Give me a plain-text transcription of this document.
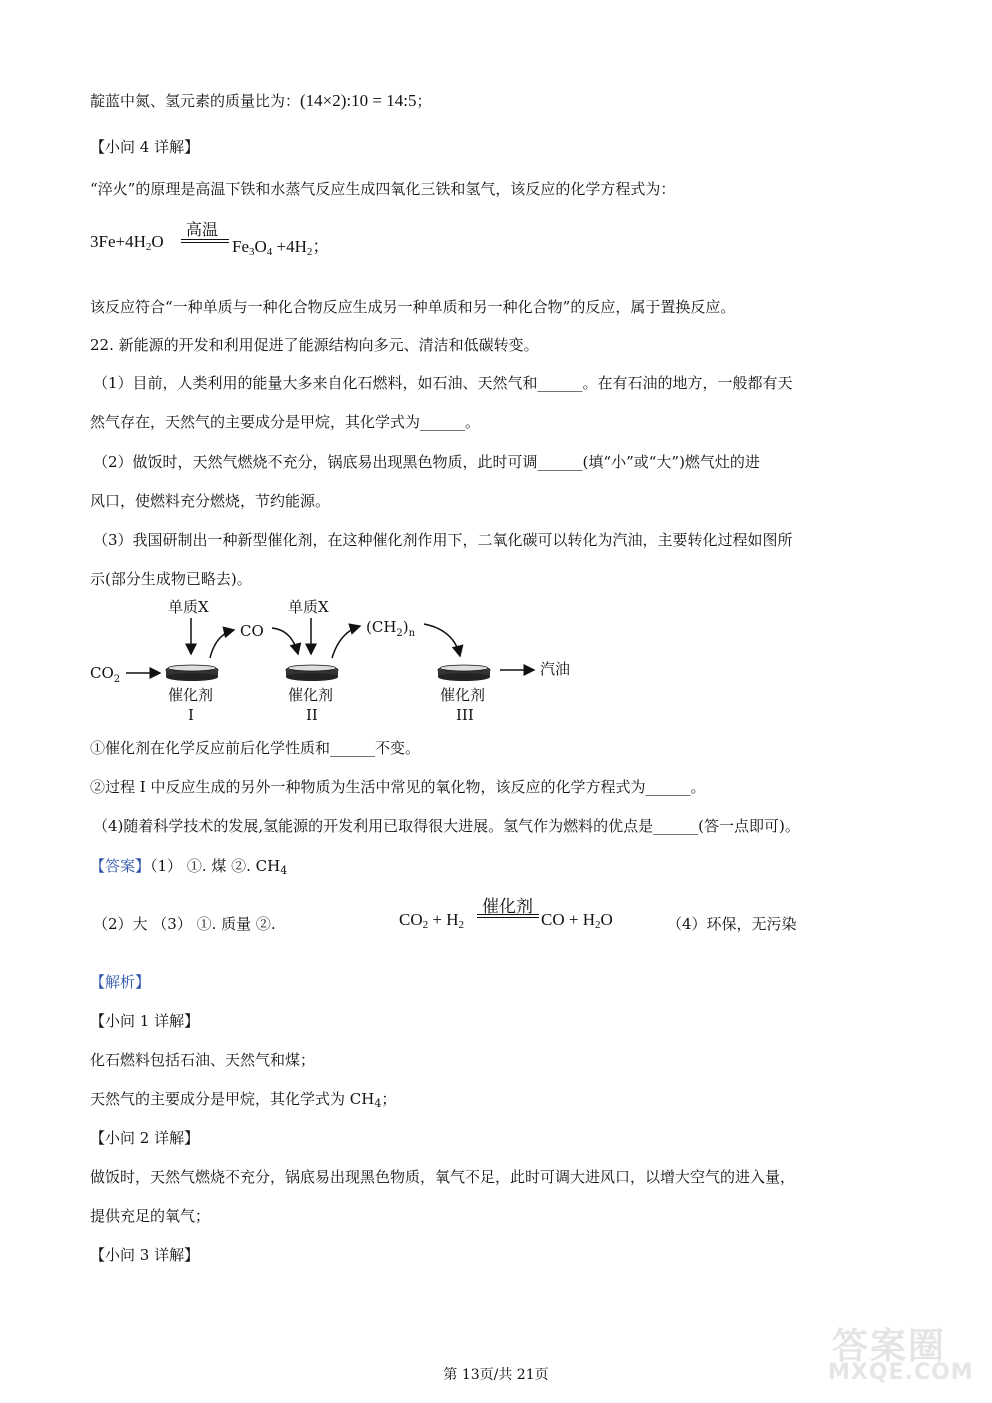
靛蓝中氮、氢元素的质量比为：(14×2):10 = 14:5；
【小问 4 详解】
“淬火”的原理是高温下铁和水蒸气反应生成四氧化三铁和氢气，该反应的化学方程式为：
高温
$3Fe+4H_2O$	$Fe_3O_4 +4H_2$；
该反应符合“一种单质与一种化合物反应生成另一种单质和另一种化合物”的反应，属于置换反应。
22. 新能源的开发和利用促进了能源结构向多元、清洁和低碳转变。
（1）目前，人类利用的能量大多来自化石燃料，如石油、天然气和______。在有石油的地方，一般都有天
然气存在，天然气的主要成分是甲烷，其化学式为______。
（2）做饭时，天然气燃烧不充分，锅底易出现黑色物质，此时可调______(填“小”或“大”)燃气灶的进
风口，使燃料充分燃烧，节约能源。
（3）我国研制出一种新型催化剂，在这种催化剂作用下，二氧化碳可以转化为汽油，主要转化过程如图所
示(部分生成物已略去)。
单质X	单质X
CO	$(CH_2)_n$
$CO_2$
汽油
催化剂	催化剂	催化剂
I	II	III
①催化剂在化学反应前后化学性质和______不变。
②过程 I 中反应生成的另外一种物质为生活中常见的氧化物，该反应的化学方程式为______。
（4)随着科学技术的发展,氢能源的开发利用已取得很大进展。氢气作为燃料的优点是______(答一点即可)。
【答案】（1） ①. 煤 ②. $CH_4$
（2）大 （3） ①. 质量 ②.	$CO_2 + H_2$
催化剂
CO + $H_2O$	（4）环保，无污染
【解析】
【小问 1 详解】
化石燃料包括石油、天然气和煤；
天然气的主要成分是甲烷，其化学式为 $CH_4$；
【小问 2 详解】
做饭时，天然气燃烧不充分，锅底易出现黑色物质，氧气不足，此时可调大进风口，以增大空气的进入量，
提供充足的氧气；
【小问 3 详解】
第 13页/共 21页
答案圈
MXQE.COM
